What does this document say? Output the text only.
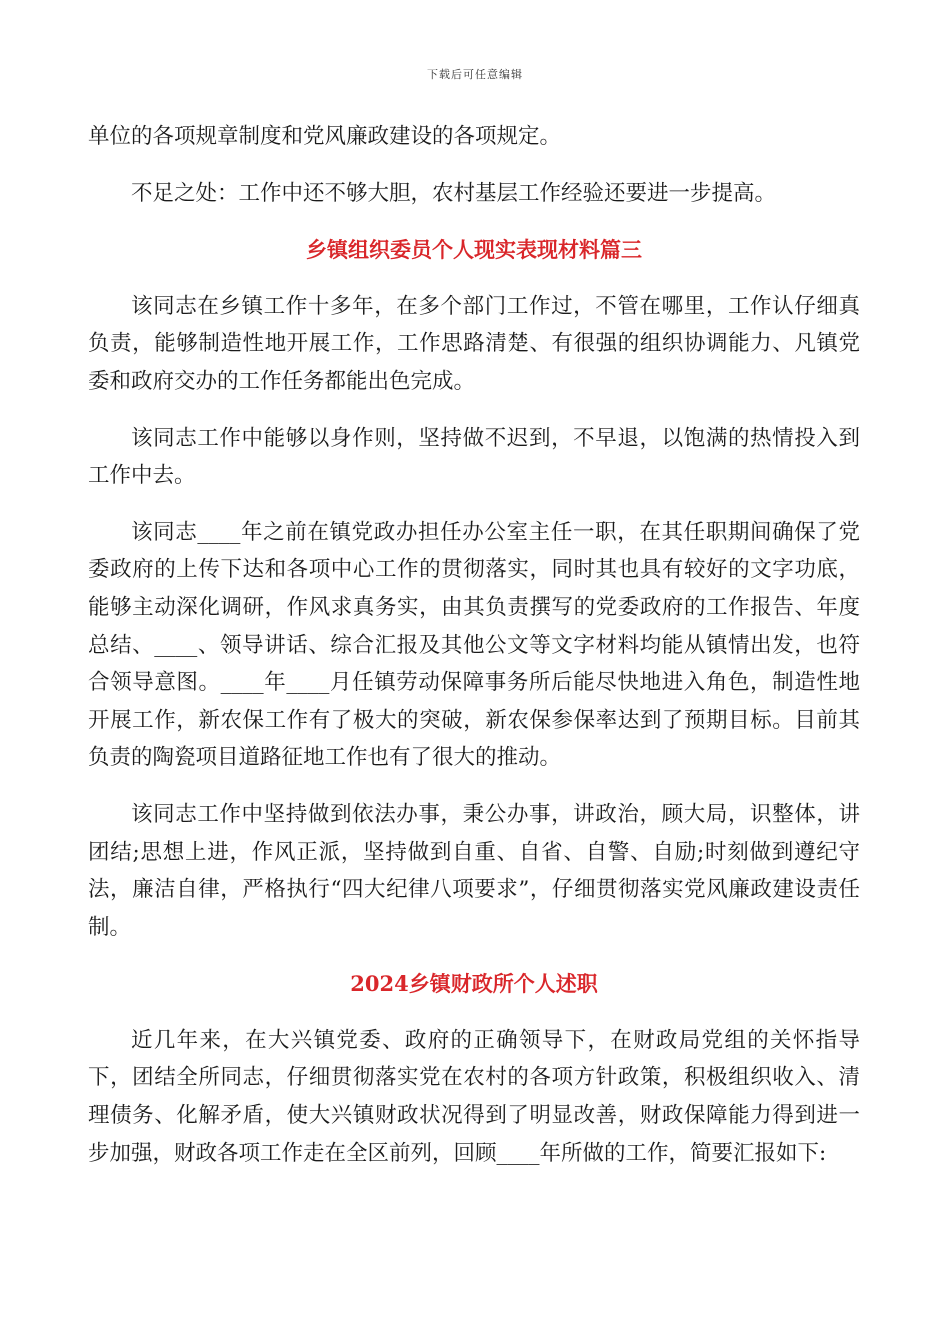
下载后可任意编辑

单位的各项规章制度和党风廉政建设的各项规定。

不足之处：工作中还不够大胆，农村基层工作经验还要进一步提高。

乡镇组织委员个人现实表现材料篇三

该同志在乡镇工作十多年，在多个部门工作过，不管在哪里，工作认仔细真负责，能够制造性地开展工作，工作思路清楚、有很强的组织协调能力、凡镇党委和政府交办的工作任务都能出色完成。

该同志工作中能够以身作则，坚持做不迟到，不早退，以饱满的热情投入到工作中去。

该同志____年之前在镇党政办担任办公室主任一职，在其任职期间确保了党委政府的上传下达和各项中心工作的贯彻落实，同时其也具有较好的文字功底，能够主动深化调研，作风求真务实，由其负责撰写的党委政府的工作报告、年度总结、____、领导讲话、综合汇报及其他公文等文字材料均能从镇情出发，也符合领导意图。____年____月任镇劳动保障事务所后能尽快地进入角色，制造性地开展工作，新农保工作有了极大的突破，新农保参保率达到了预期目标。目前其负责的陶瓷项目道路征地工作也有了很大的推动。

该同志工作中坚持做到依法办事，秉公办事，讲政治，顾大局，识整体，讲团结;思想上进，作风正派，坚持做到自重、自省、自警、自励;时刻做到遵纪守法，廉洁自律，严格执行“四大纪律八项要求”，仔细贯彻落实党风廉政建设责任制。

2024乡镇财政所个人述职

近几年来，在大兴镇党委、政府的正确领导下，在财政局党组的关怀指导下，团结全所同志，仔细贯彻落实党在农村的各项方针政策，积极组织收入、清理债务、化解矛盾，使大兴镇财政状况得到了明显改善，财政保障能力得到进一步加强，财政各项工作走在全区前列，回顾____年所做的工作，简要汇报如下:
